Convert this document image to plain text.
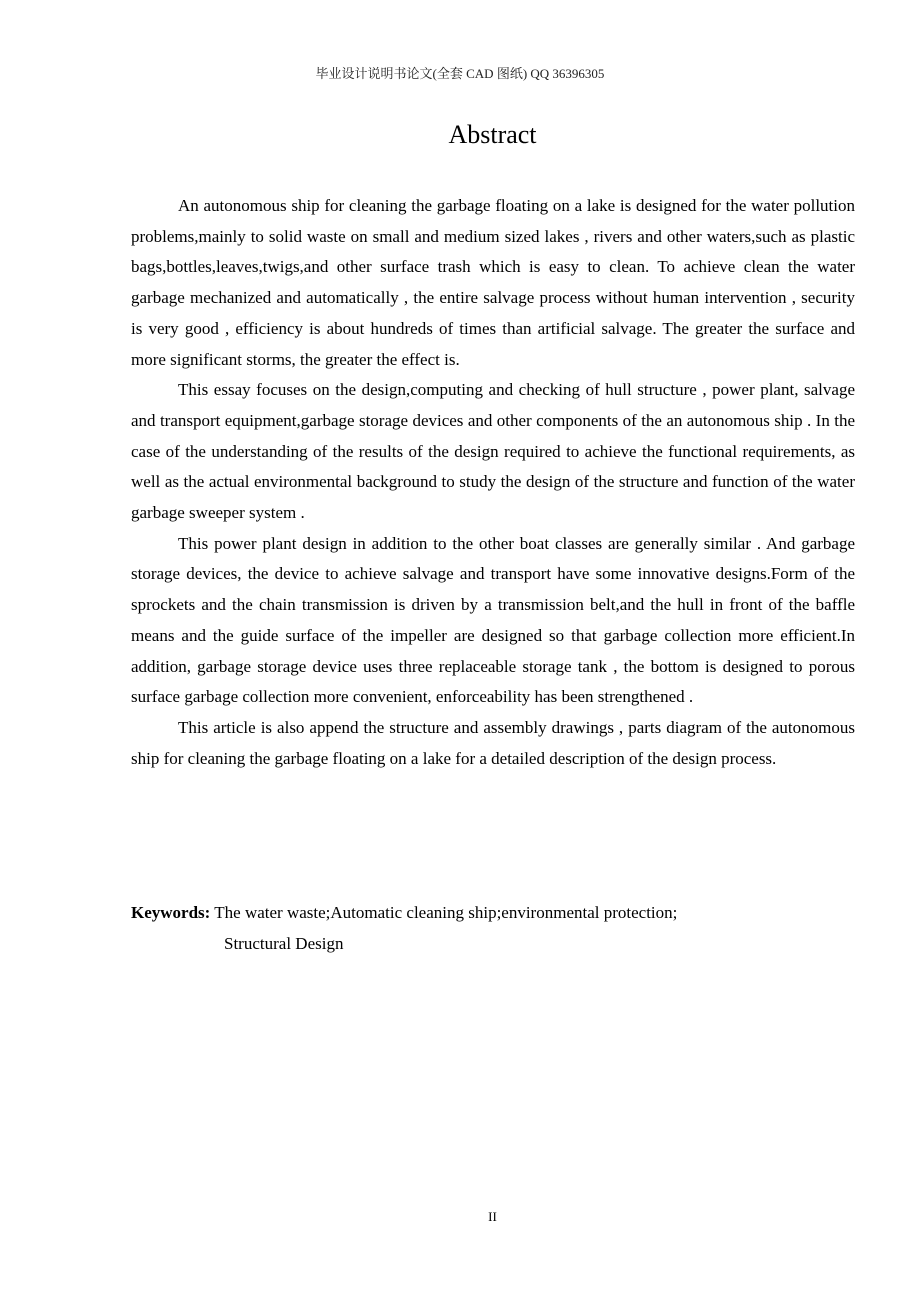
毕业设计说明书论文(全套 CAD 图纸) QQ 36396305
Abstract

An autonomous ship for cleaning the garbage floating on a lake is designed for the water pollution problems,mainly to solid waste on small and medium sized lakes , rivers and other waters,such as plastic bags,bottles,leaves,twigs,and other surface trash which is easy to clean. To achieve clean the water garbage mechanized and automatically , the entire salvage process without human intervention , security is very good , efficiency is about hundreds of times than artificial salvage. The greater the surface and more significant storms, the greater the effect is.

This essay focuses on the design,computing and checking of hull structure , power plant, salvage and transport equipment,garbage storage devices and other components of the an autonomous ship . In the case of the understanding of the results of the design required to achieve the functional requirements, as well as the actual environmental background to study the design of the structure and function of the water garbage sweeper system .

This power plant design in addition to the other boat classes are generally similar . And garbage storage devices, the device to achieve salvage and transport have some innovative designs.Form of the sprockets and the chain transmission is driven by a transmission belt,and the hull in front of the baffle means and the guide surface of the impeller are designed so that garbage collection more efficient.In addition, garbage storage device uses three replaceable storage tank , the bottom is designed to porous surface garbage collection more convenient, enforceability has been strengthened .

This article is also append the structure and assembly drawings , parts diagram of the autonomous ship for cleaning the garbage floating on a lake for a detailed description of the design process.

Keywords: The water waste;Automatic cleaning ship;environmental protection;

Structural Design

II
